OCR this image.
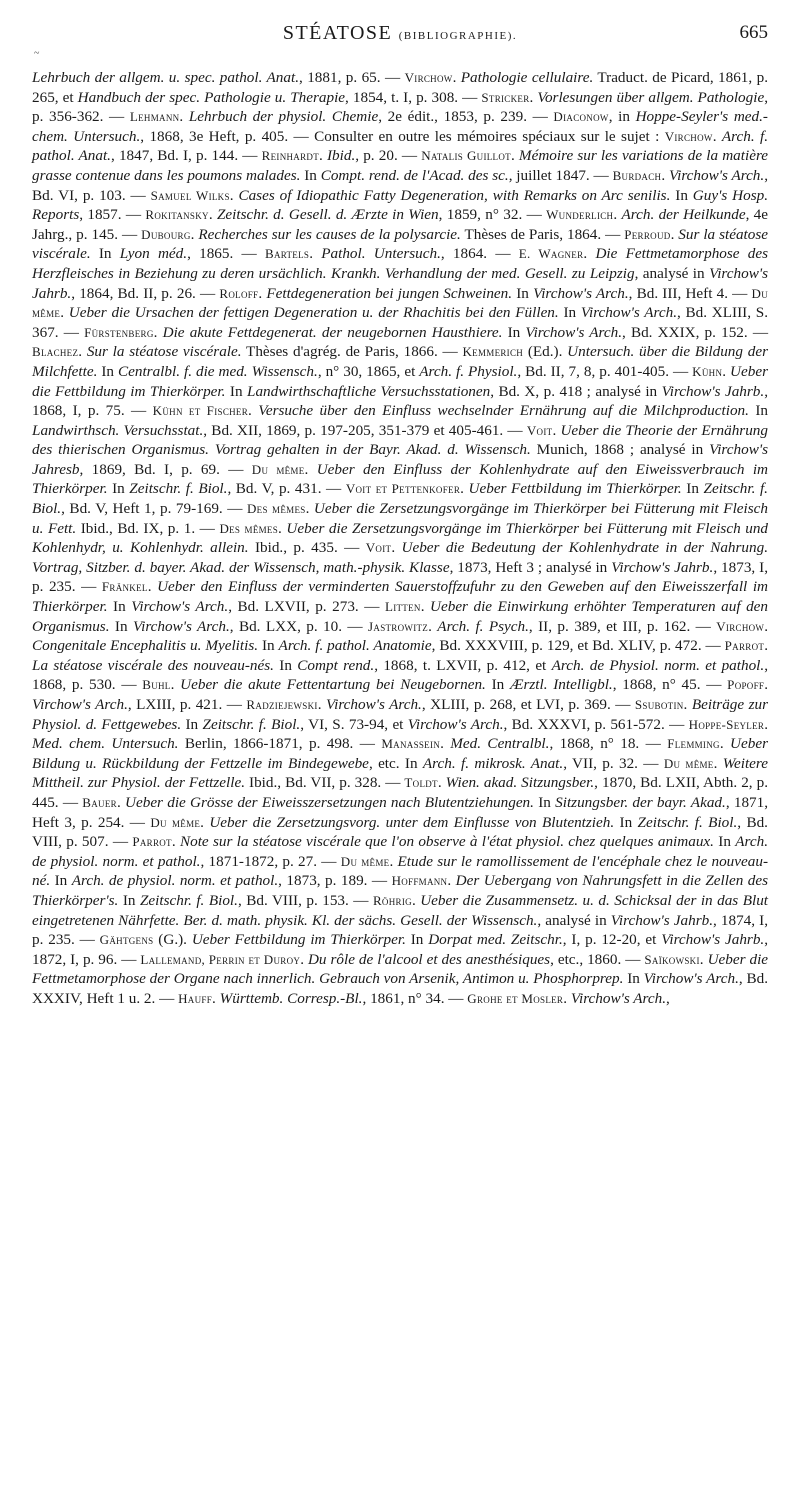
STÉATOSE (BIBLIOGRAPHIE).	665
~
Lehrbuch der allgem. u. spec. pathol. Anat., 1881, p. 65. — Virchow. Pathologie cellulaire. Traduct. de Picard, 1861, p. 265, et Handbuch der spec. Pathologie u. Therapie, 1854, t. I, p. 308. — Stricker. Vorlesungen über allgem. Pathologie, p. 356-362. — Lehmann. Lehrbuch der physiol. Chemie, 2e édit., 1853, p. 239. — Diaconow, in Hoppe-Seyler's med.-chem. Untersuch., 1868, 3e Heft, p. 405. — Consulter en outre les mémoires spéciaux sur le sujet : Virchow. Arch. f. pathol. Anat., 1847, Bd. I, p. 144. — Reinhardt. Ibid., p. 20. — Natalis Guillot. Mémoire sur les variations de la matière grasse contenue dans les poumons malades. In Compt. rend. de l'Acad. des sc., juillet 1847. — Burdach. Virchow's Arch., Bd. VI, p. 103. — Samuel Wilks. Cases of Idiopathic Fatty Degeneration, with Remarks on Arc senilis. In Guy's Hosp. Reports, 1857. — Rokitansky. Zeitschr. d. Gesell. d. Ærzte in Wien, 1859, n° 32. — Wunderlich. Arch. der Heilkunde, 4e Jahrg., p. 145. — Dubourg. Recherches sur les causes de la polysarcie. Thèses de Paris, 1864. — Perroud. Sur la stéatose viscérale. In Lyon méd., 1865. — Bartels. Pathol. Untersuch., 1864. — E. Wagner. Die Fettmetamorphose des Herzfleisches in Beziehung zu deren ursächlich. Krankh. Verhandlung der med. Gesell. zu Leipzig, analysé in Virchow's Jahrb., 1864, Bd. II, p. 26. — Roloff. Fettdegeneration bei jungen Schweinen. In Virchow's Arch., Bd. III, Heft 4. — Du même. Ueber die Ursachen der fettigen Degeneration u. der Rhachitis bei den Füllen. In Virchow's Arch., Bd. XLIII, S. 367. — Fürstenberg. Die akute Fettdegenerat. der neugebornen Hausthiere. In Virchow's Arch., Bd. XXIX, p. 152. — Blachez. Sur la stéatose viscérale. Thèses d'agrég. de Paris, 1866. — Kemmerich (Ed.). Untersuch. über die Bildung der Milchfette. In Centralbl. f. die med. Wissensch., n° 30, 1865, et Arch. f. Physiol., Bd. II, 7, 8, p. 401-405. — Kühn. Ueber die Fettbildung im Thierkörper. In Landwirthschaftliche Versuchsstationen, Bd. X, p. 418 ; analysé in Virchow's Jahrb., 1868, I, p. 75. — Kühn et Fischer. Versuche über den Einfluss wechselnder Ernährung auf die Milchproduction. In Landwirthsch. Versuchsstat., Bd. XII, 1869, p. 197-205, 351-379 et 405-461. — Voit. Ueber die Theorie der Ernährung des thierischen Organismus. Vortrag gehalten in der Bayr. Akad. d. Wissensch. Munich, 1868 ; analysé in Virchow's Jahresb, 1869, Bd. I, p. 69. — Du même. Ueber den Einfluss der Kohlenhydrate auf den Eiweissverbrauch im Thierkörper. In Zeitschr. f. Biol., Bd. V, p. 431. — Voit et Pettenkofer. Ueber Fettbildung im Thierkörper. In Zeitschr. f. Biol., Bd. V, Heft 1, p. 79-169. — Des mêmes. Ueber die Zersetzungsvorgänge im Thierkörper bei Fütterung mit Fleisch u. Fett. Ibid., Bd. IX, p. 1. — Des mêmes. Ueber die Zersetzungsvorgänge im Thierkörper bei Fütterung mit Fleisch und Kohlenhydr, u. Kohlenhydr. allein. Ibid., p. 435. — Voit. Ueber die Bedeutung der Kohlenhydrate in der Nahrung. Vortrag, Sitzber. d. bayer. Akad. der Wissensch, math.-physik. Klasse, 1873, Heft 3 ; analysé in Virchow's Jahrb., 1873, I, p. 235. — Fränkel. Ueber den Einfluss der verminderten Sauerstoffzufuhr zu den Geweben auf den Eiweisszerfall im Thierkörper. In Virchow's Arch., Bd. LXVII, p. 273. — Litten. Ueber die Einwirkung erhöhter Temperaturen auf den Organismus. In Virchow's Arch., Bd. LXX, p. 10. — Jastrowitz. Arch. f. Psych., II, p. 389, et III, p. 162. — Virchow. Congenitale Encephalitis u. Myelitis. In Arch. f. pathol. Anatomie, Bd. XXXVIII, p. 129, et Bd. XLIV, p. 472. — Parrot. La stéatose viscérale des nouveau-nés. In Compt rend., 1868, t. LXVII, p. 412, et Arch. de Physiol. norm. et pathol., 1868, p. 530. — Buhl. Ueber die akute Fettentartung bei Neugebornen. In Ærztl. Intelligbl., 1868, n° 45. — Popoff. Virchow's Arch., LXIII, p. 421. — Radziejewski. Virchow's Arch., XLIII, p. 268, et LVI, p. 369. — Ssubotin. Beiträge zur Physiol. d. Fettgewebes. In Zeitschr. f. Biol., VI, S. 73-94, et Virchow's Arch., Bd. XXXVI, p. 561-572. — Hoppe-Seyler. Med. chem. Untersuch. Berlin, 1866-1871, p. 498. — Manassein. Med. Centralbl., 1868, n° 18. — Flemming. Ueber Bildung u. Rückbildung der Fettzelle im Bindegewebe, etc. In Arch. f. mikrosk. Anat., VII, p. 32. — Du même. Weitere Mittheil. zur Physiol. der Fettzelle. Ibid., Bd. VII, p. 328. — Toldt. Wien. akad. Sitzungsber., 1870, Bd. LXII, Abth. 2, p. 445. — Bauer. Ueber die Grösse der Eiweisszersetzungen nach Blutentziehungen. In Sitzungsber. der bayr. Akad., 1871, Heft 3, p. 254. — Du même. Ueber die Zersetzungsvorg. unter dem Einflusse von Blutentzieh. In Zeitschr. f. Biol., Bd. VIII, p. 507. — Parrot. Note sur la stéatose viscérale que l'on observe à l'état physiol. chez quelques animaux. In Arch. de physiol. norm. et pathol., 1871-1872, p. 27. — Du même. Etude sur le ramollissement de l'encéphale chez le nouveau-né. In Arch. de physiol. norm. et pathol., 1873, p. 189. — Hoffmann. Der Uebergang von Nahrungsfett in die Zellen des Thierkörper's. In Zeitschr. f. Biol., Bd. VIII, p. 153. — Röhrig. Ueber die Zusammensetz. u. d. Schicksal der in das Blut eingetretenen Nährfette. Ber. d. math. physik. Kl. der sächs. Gesell. der Wissensch., analysé in Virchow's Jahrb., 1874, I, p. 235. — Gähtgens (G.). Ueber Fettbildung im Thierkörper. In Dorpat med. Zeitschr., I, p. 12-20, et Virchow's Jahrb., 1872, I, p. 96. — Lallemand, Perrin et Duroy. Du rôle de l'alcool et des anesthésiques, etc., 1860. — Saïkowski. Ueber die Fettmetamorphose der Organe nach innerlich. Gebrauch von Arsenik, Antimon u. Phosphorprep. In Virchow's Arch., Bd. XXXIV, Heft 1 u. 2. — Hauff. Württemb. Corresp.-Bl., 1861, n° 34. — Grohe et Mosler. Virchow's Arch.,
